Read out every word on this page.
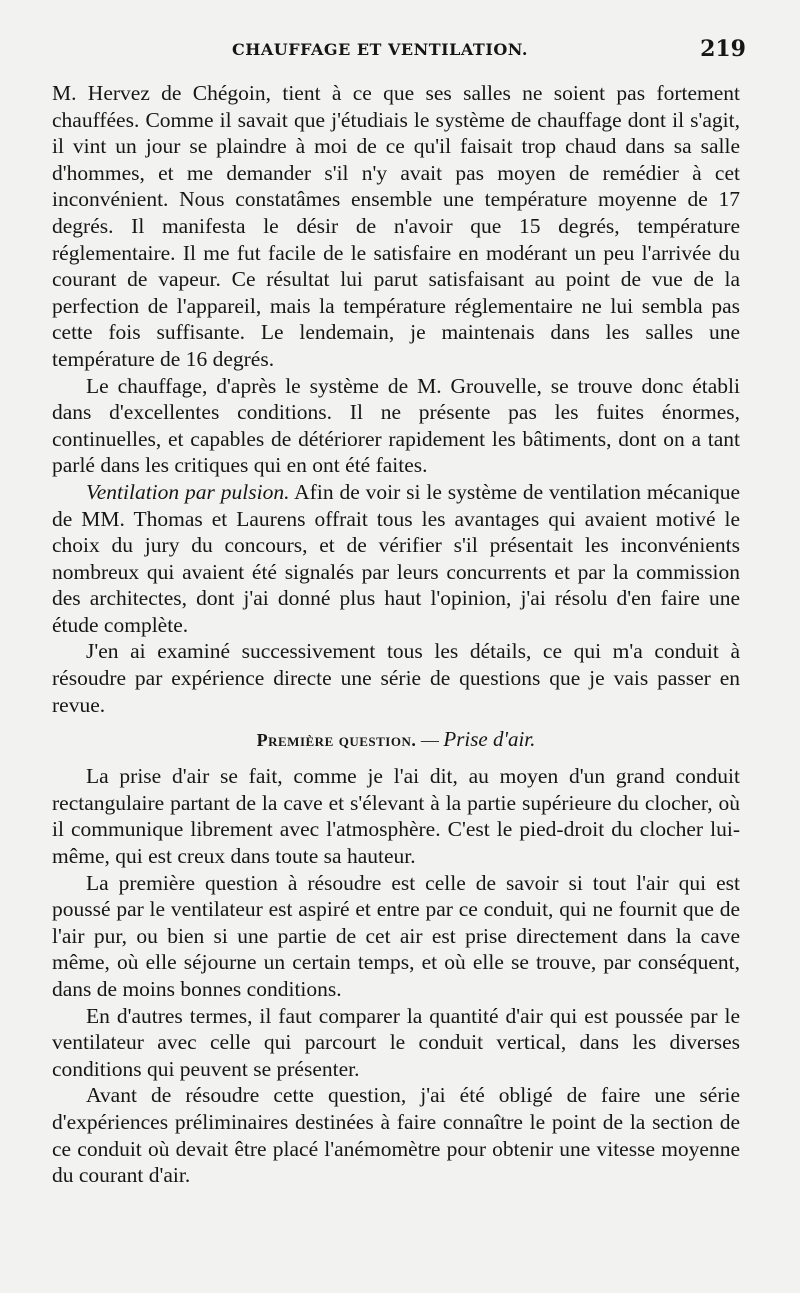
CHAUFFAGE ET VENTILATION.	219

M. Hervez de Chégoin, tient à ce que ses salles ne soient pas fortement chauffées. Comme il savait que j'étudiais le système de chauffage dont il s'agit, il vint un jour se plaindre à moi de ce qu'il faisait trop chaud dans sa salle d'hommes, et me demander s'il n'y avait pas moyen de remédier à cet inconvénient. Nous constatâmes ensemble une température moyenne de 17 degrés. Il manifesta le désir de n'avoir que 15 degrés, température réglementaire. Il me fut facile de le satisfaire en modérant un peu l'arrivée du courant de vapeur. Ce résultat lui parut satisfaisant au point de vue de la perfection de l'appareil, mais la température réglementaire ne lui sembla pas cette fois suffisante. Le lendemain, je maintenais dans les salles une température de 16 degrés.

Le chauffage, d'après le système de M. Grouvelle, se trouve donc établi dans d'excellentes conditions. Il ne présente pas les fuites énormes, continuelles, et capables de détériorer rapidement les bâtiments, dont on a tant parlé dans les critiques qui en ont été faites.

Ventilation par pulsion. Afin de voir si le système de ventilation mécanique de MM. Thomas et Laurens offrait tous les avantages qui avaient motivé le choix du jury du concours, et de vérifier s'il présentait les inconvénients nombreux qui avaient été signalés par leurs concurrents et par la commission des architectes, dont j'ai donné plus haut l'opinion, j'ai résolu d'en faire une étude complète.

J'en ai examiné successivement tous les détails, ce qui m'a conduit à résoudre par expérience directe une série de questions que je vais passer en revue.

Première question. — Prise d'air.

La prise d'air se fait, comme je l'ai dit, au moyen d'un grand conduit rectangulaire partant de la cave et s'élevant à la partie supérieure du clocher, où il communique librement avec l'atmosphère. C'est le pied-droit du clocher lui-même, qui est creux dans toute sa hauteur.

La première question à résoudre est celle de savoir si tout l'air qui est poussé par le ventilateur est aspiré et entre par ce conduit, qui ne fournit que de l'air pur, ou bien si une partie de cet air est prise directement dans la cave même, où elle séjourne un certain temps, et où elle se trouve, par conséquent, dans de moins bonnes conditions.

En d'autres termes, il faut comparer la quantité d'air qui est poussée par le ventilateur avec celle qui parcourt le conduit vertical, dans les diverses conditions qui peuvent se présenter.

Avant de résoudre cette question, j'ai été obligé de faire une série d'expériences préliminaires destinées à faire connaître le point de la section de ce conduit où devait être placé l'anémomètre pour obtenir une vitesse moyenne du courant d'air.
